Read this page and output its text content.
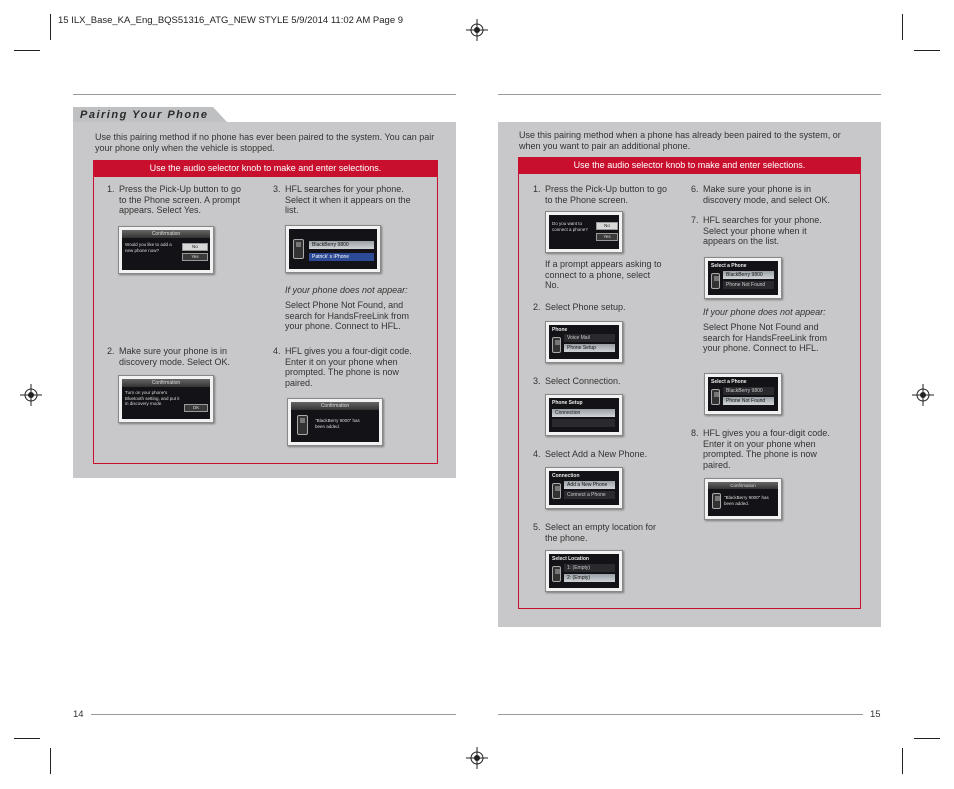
15 ILX_Base_KA_Eng_BQS51316_ATG_NEW STYLE 5/9/2014 11:02 AM Page 9
Pairing Your Phone
Use this pairing method if no phone has ever been paired to the system. You can pair your phone only when the vehicle is stopped.
Use the audio selector knob to make and enter selections.
1. Press the Pick-Up button to go to the Phone screen. A prompt appears. Select Yes.
Confirmation
Would you like to add a new phone now?
No
Yes
2. Make sure your phone is in discovery mode. Select OK.
Confirmation
Turn on your phone's Bluetooth setting, and put it in discovery mode.
OK
3. HFL searches for your phone. Select it when it appears on the list.
BlackBerry 9800
Patrick' s iPhone
If your phone does not appear:
Select Phone Not Found, and search for HandsFreeLink from your phone. Connect to HFL.
4. HFL gives you a four-digit code. Enter it on your phone when prompted. The phone is now paired.
Confirmation
"BlackBerry 9000" has been added.
14
Use this pairing method when a phone has already been paired to the system, or when you want to pair an additional phone.
Use the audio selector knob to make and enter selections.
1. Press the Pick-Up button to go to the Phone screen.
Do you want to connect a phone?
No
Yes
If a prompt appears asking to connect to a phone, select No.
2. Select Phone setup.
Phone
Voice Mail
Phone Setup
3. Select Connection.
Phone Setup
Connection
4. Select Add a New Phone.
Connection
Add a New Phone
Connect a Phone
5. Select an empty location for the phone.
Select Location
1: (Empty)
2: (Empty)
6. Make sure your phone is in discovery mode, and select OK.
7. HFL searches for your phone. Select your phone when it appears on the list.
Select a Phone
BlackBerry 9800
Phone Not Found
If your phone does not appear:
Select Phone Not Found and search for HandsFreeLink from your phone. Connect to HFL.
Select a Phone
BlackBerry 9800
Phone Not Found
8. HFL gives you a four-digit code. Enter it on your phone when prompted. The phone is now paired.
Confirmation
"BlackBerry 9000" has been added.
15
